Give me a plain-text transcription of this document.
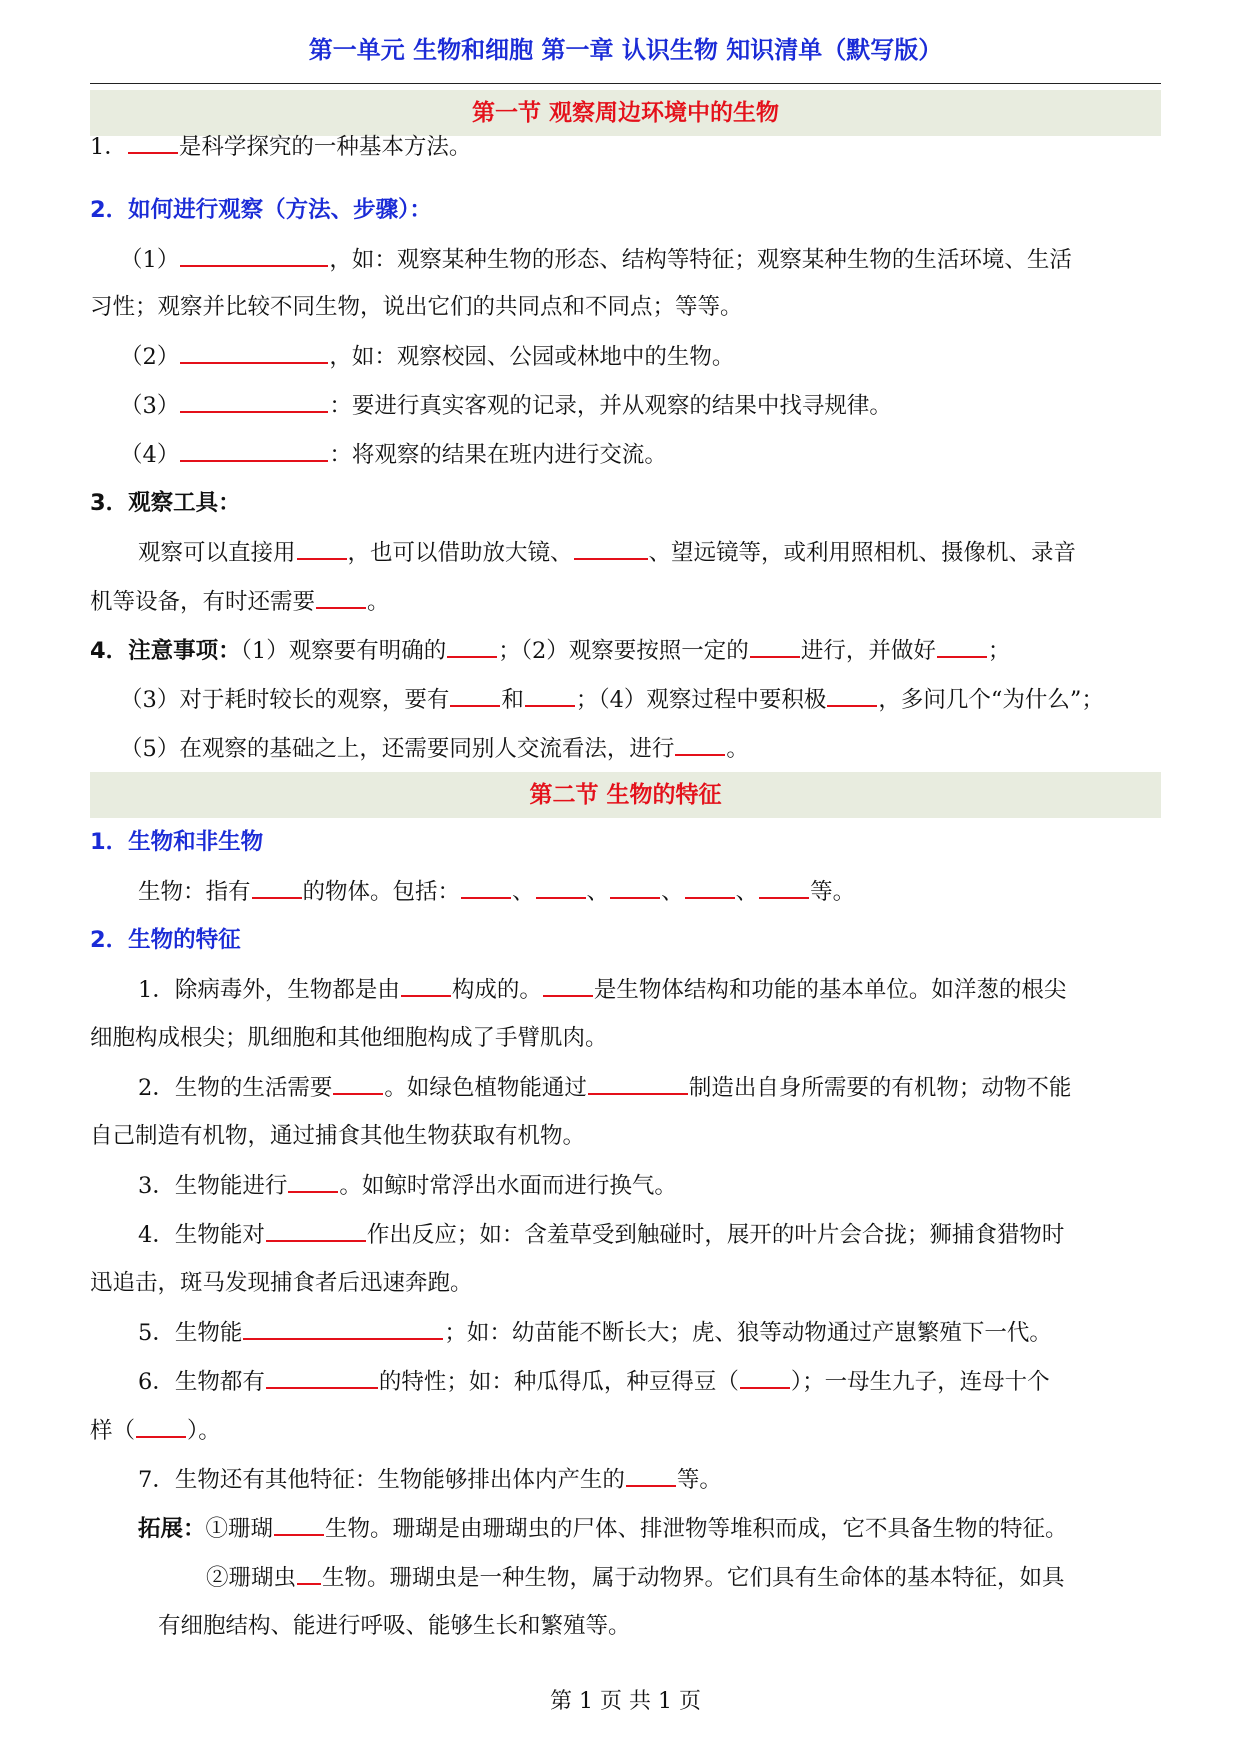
第一单元 生物和细胞 第一章 认识生物 知识清单（默写版）
第一节 观察周边环境中的生物
1． 是科学探究的一种基本方法。
2．如何进行观察（方法、步骤）：
（1）	，如：观察某种生物的形态、结构等特征；观察某种生物的生活环境、生活
习性；观察并比较不同生物，说出它们的共同点和不同点；等等。
（2）	，如：观察校园、公园或林地中的生物。
（3）	：要进行真实客观的记录，并从观察的结果中找寻规律。
（4）	：将观察的结果在班内进行交流。
3．观察工具：
观察可以直接用 ，也可以借助放大镜、	、望远镜等，或利用照相机、摄像机、录音
机等设备，有时还需要 。
4．注意事项：（1）观察要有明确的 ；（2）观察要按照一定的 进行，并做好 ；
（3）对于耗时较长的观察，要有 和 ；（4）观察过程中要积极 ，多问几个“为什么”；
（5）在观察的基础之上，还需要同别人交流看法，进行 。
第二节 生物的特征
1．生物和非生物
生物：指有 的物体。包括： 、 、 、 、 等。
2．生物的特征
1．除病毒外，生物都是由 构成的。 是生物体结构和功能的基本单位。如洋葱的根尖
细胞构成根尖；肌细胞和其他细胞构成了手臂肌肉。
2．生物的生活需要 。如绿色植物能通过	制造出自身所需要的有机物；动物不能
自己制造有机物，通过捕食其他生物获取有机物。
3．生物能进行 。如鲸时常浮出水面而进行换气。
4．生物能对	作出反应；如：含羞草受到触碰时，展开的叶片会合拢；狮捕食猎物时
迅追击，斑马发现捕食者后迅速奔跑。
5．生物能	；如：幼苗能不断长大；虎、狼等动物通过产崽繁殖下一代。
6．生物都有	的特性；如：种瓜得瓜，种豆得豆（ ）；一母生九子，连母十个
样（ ）。
7．生物还有其他特征：生物能够排出体内产生的 等。
拓展：①珊瑚 生物。珊瑚是由珊瑚虫的尸体、排泄物等堆积而成，它不具备生物的特征。
②珊瑚虫 生物。珊瑚虫是一种生物，属于动物界。它们具有生命体的基本特征，如具
有细胞结构、能进行呼吸、能够生长和繁殖等。
第 1 页 共 1 页
